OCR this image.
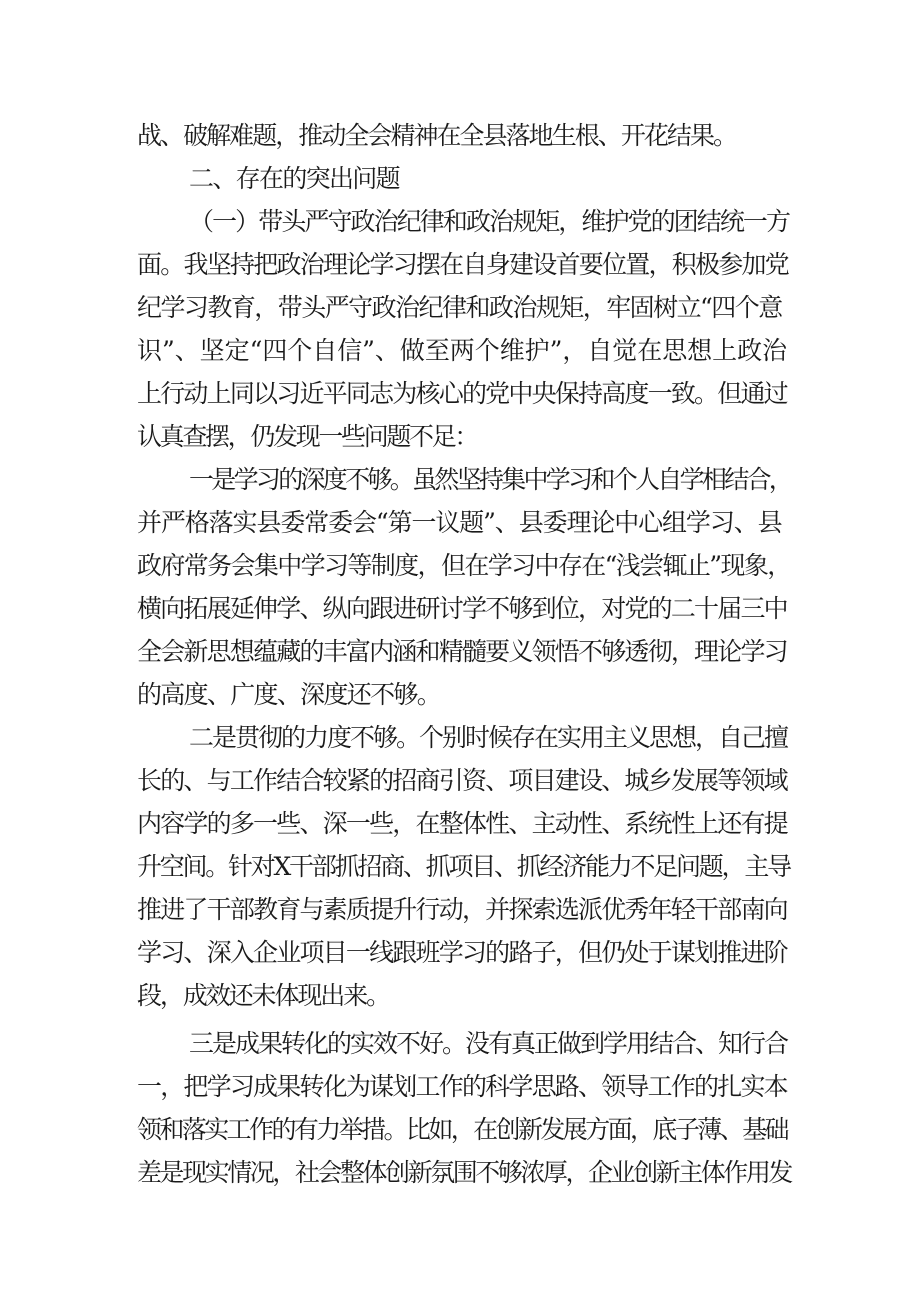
战、破解难题，推动全会精神在全县落地生根、开花结果。
二、存在的突出问题
（一）带头严守政治纪律和政治规矩，维护党的团结统一方
面。我坚持把政治理论学习摆在自身建设首要位置，积极参加党
纪学习教育，带头严守政治纪律和政治规矩，牢固树立“四个意
识”、坚定“四个自信”、做至两个维护”，自觉在思想上政治
上行动上同以习近平同志为核心的党中央保持高度一致。但通过
认真查摆，仍发现一些问题不足：
一是学习的深度不够。虽然坚持集中学习和个人自学相结合，
并严格落实县委常委会“第一议题”、县委理论中心组学习、县
政府常务会集中学习等制度，但在学习中存在“浅尝辄止”现象，
横向拓展延伸学、纵向跟进研讨学不够到位，对党的二十届三中
全会新思想蕴藏的丰富内涵和精髓要义领悟不够透彻，理论学习
的高度、广度、深度还不够。
二是贯彻的力度不够。个别时候存在实用主义思想，自己擅
长的、与工作结合较紧的招商引资、项目建设、城乡发展等领域
内容学的多一些、深一些，在整体性、主动性、系统性上还有提
升空间。针对X干部抓招商、抓项目、抓经济能力不足问题，主导
推进了干部教育与素质提升行动，并探索选派优秀年轻干部南向
学习、深入企业项目一线跟班学习的路子，但仍处于谋划推进阶
段，成效还未体现出来。
三是成果转化的实效不好。没有真正做到学用结合、知行合
一，把学习成果转化为谋划工作的科学思路、领导工作的扎实本
领和落实工作的有力举措。比如，在创新发展方面，底子薄、基础
差是现实情况，社会整体创新氛围不够浓厚，企业创新主体作用发
